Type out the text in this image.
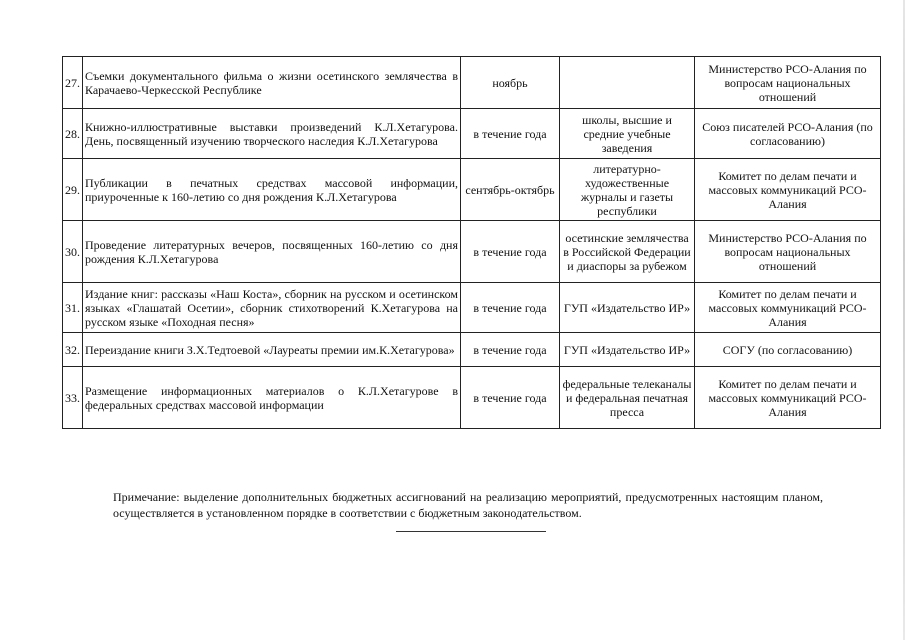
27.	Съемки документального фильма о жизни осетинского землячества в Карачаево-Черкесской Республике	ноябрь		Министерство РСО-Алания по вопросам национальных отношений
28.	Книжно-иллюстративные выставки произведений К.Л.Хетагурова. День, посвященный изучению творческого наследия К.Л.Хетагурова	в течение года	школы, высшие и средние учебные заведения	Союз писателей РСО-Алания (по согласованию)
29.	Публикации в печатных средствах массовой информации, приуроченные к 160-летию со дня рождения К.Л.Хетагурова	сентябрь-октябрь	литературно-художественные журналы и газеты республики	Комитет по делам печати и массовых коммуникаций РСО-Алания
30.	Проведение литературных вечеров, посвященных 160-летию со дня рождения К.Л.Хетагурова	в течение года	осетинские землячества в Российской Федерации и диаспоры за рубежом	Министерство РСО-Алания по вопросам национальных отношений
31.	Издание книг: рассказы «Наш Коста», сборник на русском и осетинском языках «Глашатай Осетии», сборник стихотворений К.Хетагурова на русском языке «Походная песня»	в течение года	ГУП «Издательство ИР»	Комитет по делам печати и массовых коммуникаций РСО-Алания
32.	Переиздание книги З.Х.Тедтоевой «Лауреаты премии им.К.Хетагурова»	в течение года	ГУП «Издательство ИР»	СОГУ (по согласованию)
33.	Размещение информационных материалов о К.Л.Хетагурове в федеральных средствах массовой информации	в течение года	федеральные телеканалы и федеральная печатная пресса	Комитет по делам печати и массовых коммуникаций РСО-Алания

Примечание: выделение дополнительных бюджетных ассигнований на реализацию мероприятий, предусмотренных настоящим планом, осуществляется в установленном порядке в соответствии с бюджетным законодательством.
